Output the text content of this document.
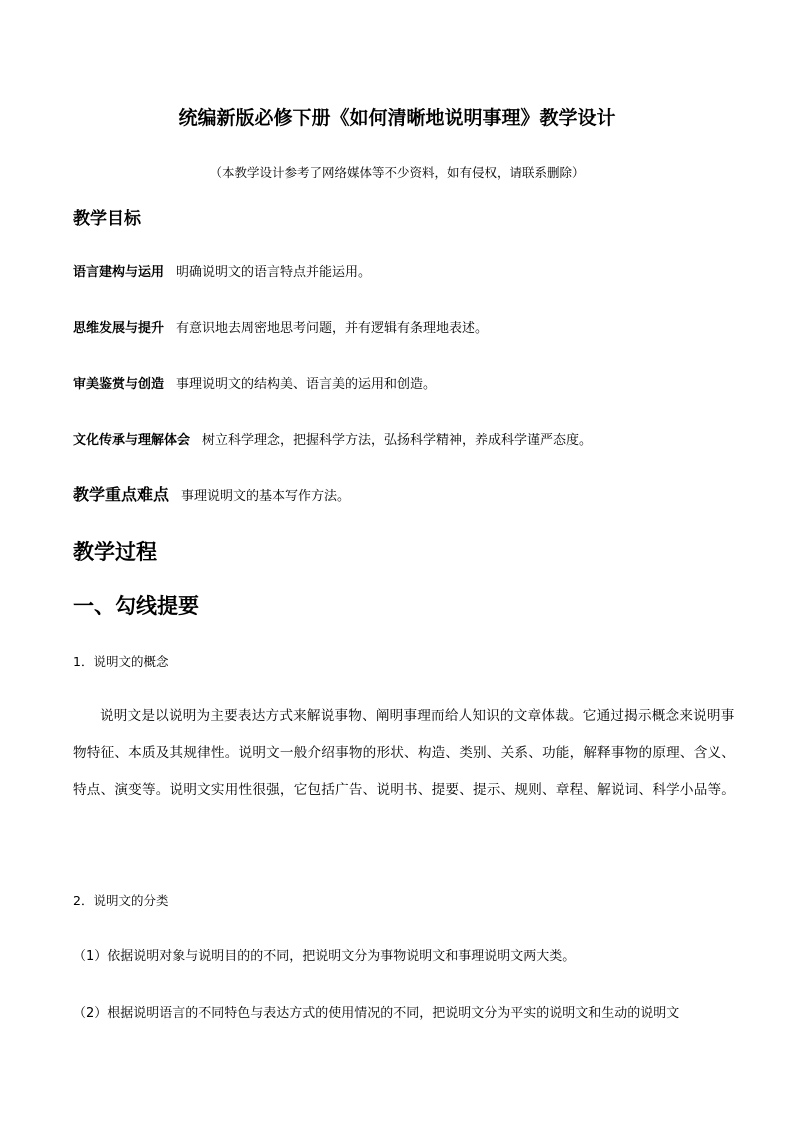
统编新版必修下册《如何清晰地说明事理》教学设计
（本教学设计参考了网络媒体等不少资料，如有侵权，请联系删除）
教学目标
语言建构与运用 明确说明文的语言特点并能运用。
思维发展与提升 有意识地去周密地思考问题，并有逻辑有条理地表述。
审美鉴赏与创造 事理说明文的结构美、语言美的运用和创造。
文化传承与理解体会 树立科学理念，把握科学方法，弘扬科学精神，养成科学谨严态度。
教学重点难点 事理说明文的基本写作方法。
教学过程
一、勾线提要
1．说明文的概念
说明文是以说明为主要表达方式来解说事物、阐明事理而给人知识的文章体裁。它通过揭示概念来说明事物特征、本质及其规律性。说明文一般介绍事物的形状、构造、类别、关系、功能，解释事物的原理、含义、特点、演变等。说明文实用性很强，它包括广告、说明书、提要、提示、规则、章程、解说词、科学小品等。
2．说明文的分类
（1）依据说明对象与说明目的的不同，把说明文分为事物说明文和事理说明文两大类。
（2）根据说明语言的不同特色与表达方式的使用情况的不同，把说明文分为平实的说明文和生动的说明文
